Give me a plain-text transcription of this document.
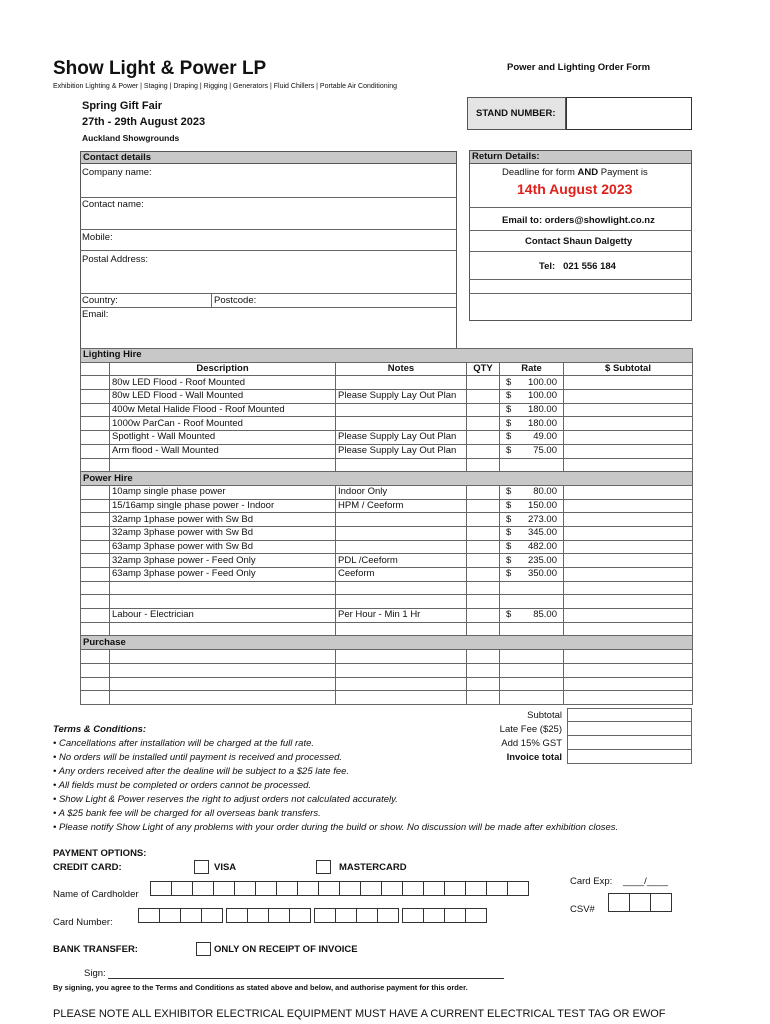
Show Light & Power LP	Power and Lighting Order Form
Exhibition Lighting & Power | Staging | Draping | Rigging | Generators | Fluid Chillers | Portable Air Conditioning
Spring Gift Fair
27th - 29th August 2023
Auckland Showgrounds
STAND NUMBER:
Contact details
Company name:
Contact name:
Mobile:
Postal Address:
Country:	Postcode:
Email:
Return Details:
Deadline for form AND Payment is
14th August 2023
Email to: orders@showlight.co.nz
Contact Shaun Dalgetty
Tel: 021 556 184
Lighting Hire					
	Description	Notes	QTY	Rate	$ Subtotal
	80w LED Flood - Roof Mounted			$ 100.00	

	80w LED Flood - Wall Mounted	Please Supply Lay Out Plan		$ 100.00	

	400w Metal Halide Flood - Roof Mounted			$ 180.00	

	1000w ParCan - Roof Mounted			$ 180.00	

	Spotlight - Wall Mounted	Please Supply Lay Out Plan		$ 49.00	

	Arm flood - Wall Mounted	Please Supply Lay Out Plan		$ 75.00	

Power Hire					
	10amp single phase power	Indoor Only		$ 80.00	

	15/16amp single phase power - Indoor	HPM / Ceeform		$ 150.00	

	32amp 1phase power with Sw Bd			$ 273.00	

	32amp 3phase power with Sw Bd			$ 345.00	

	63amp 3phase power with Sw Bd			$ 482.00	

	32amp 3phase power - Feed Only	PDL /Ceeform		$ 235.00	

	63amp 3phase power - Feed Only	Ceeform		$ 350.00	

	Labour - Electrician	Per Hour - Min 1 Hr		$ 85.00	

Purchase					

Subtotal
Late Fee ($25)
Add 15% GST
Invoice total
Terms & Conditions:
• Cancellations after installation will be charged at the full rate.
• No orders will be installed until payment is received and processed.
• Any orders received after the dealine will be subject to a $25 late fee.
• All fields must be completed or orders cannot be processed.
• Show Light & Power reserves the right to adjust orders not calculated accurately.
• A $25 bank fee will be charged for all overseas bank transfers.
• Please notify Show Light of any problems with your order during the build or show. No discussion will be made after exhibition closes.
PAYMENT OPTIONS:
CREDIT CARD:	VISA	MASTERCARD
Card Exp: ____/____
Name of Cardholder
CSV#
Card Number:
BANK TRANSFER:	ONLY ON RECEIPT OF INVOICE
Sign:
By signing, you agree to the Terms and Conditions as stated above and below, and authorise payment for this order.
PLEASE NOTE ALL EXHIBITOR ELECTRICAL EQUIPMENT MUST HAVE A CURRENT ELECTRICAL TEST TAG OR EWOF
